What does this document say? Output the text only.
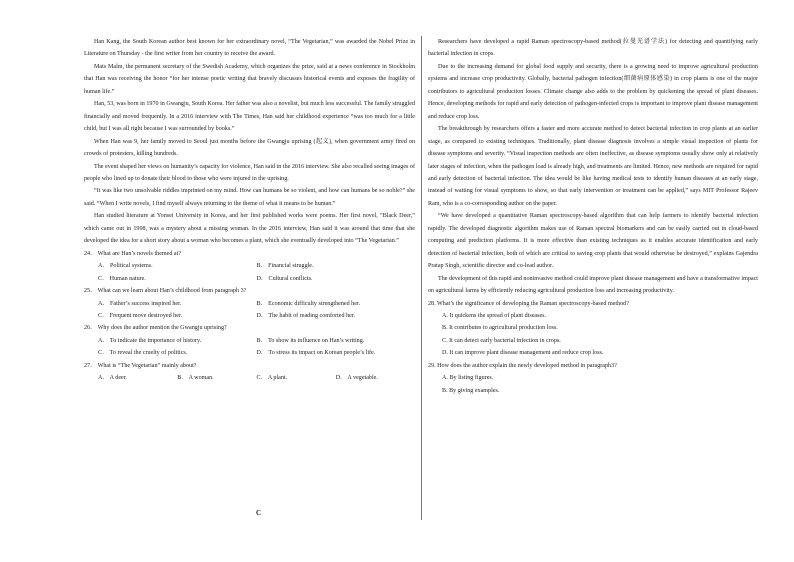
Han Kang, the South Korean author best known for her extraordinary novel, “The Vegetarian,” was awarded the Nobel Prize in Literature on Thursday - the first writer from her country to receive the award.

Mats Malm, the permanent secretary of the Swedish Academy, which organizes the prize, said at a news conference in Stockholm that Han was receiving the honor “for her intense poetic writing that bravely discusses historical events and exposes the fragility of human life.”

Han, 53, was born in 1970 in Gwangju, South Korea. Her father was also a novelist, but much less successful. The family struggled financially and moved frequently. In a 2016 interview with The Times, Han said her childhood experience “was too much for a little child, but I was all right because I was surrounded by books.”

When Han was 9, her family moved to Seoul just months before the Gwangju uprising (起义), when government army fired on crowds of protesters, killing hundreds.

The event shaped her views on humanity’s capacity for violence, Han said in the 2016 interview. She also recalled seeing images of people who lined up to donate their blood to those who were injured in the uprising.

“It was like two unsolvable riddles imprinted on my mind. How can humans be so violent, and how can humans be so noble?” she said. “When I write novels, I find myself always returning to the theme of what it means to be human.”

Han studied literature at Yonsei University in Korea, and her first published works were poems. Her first novel, “Black Deer,” which came out in 1998, was a mystery about a missing woman. In the 2016 interview, Han said it was around that time that she developed the idea for a short story about a woman who becomes a plant, which she eventually developed into “The Vegetarian.”

24． What are Han’s novels themed at?

A． Political systems.	B． Financial struggle.
C． Human nature.	D． Cultural conflicts.

25． What can we learn about Han’s childhood from paragraph 3?

A． Father’s success inspired her.	B． Economic difficulty strengthened her.
C． Frequent move destroyed her.	D． The habit of reading comforted her.

26． Why does the author mention the Gwangju uprising?

A． To indicate the importance of history.	B． To show its influence on Han’s writing.
C． To reveal the cruelty of politics.	D． To stress its impact on Korean people’s life.

27． What is “The Vegetarian” mainly about?

A． A deer.	B． A woman.	C． A plant.	D． A vegetable.
C

Researchers have developed a rapid Raman spectroscopy-based method(拉曼光谱学法) for detecting and quantifying early bacterial infection in crops.

Due to the increasing demand for global food supply and security, there is a growing need to improve agricultural production systems and increase crop productivity. Globally, bacterial pathogen infection(细菌病原体感染) in crop plants is one of the major contributors to agricultural production losses. Climate change also adds to the problem by quickening the spread of plant diseases. Hence, developing methods for rapid and early detection of pathogen-infected crops is important to improve plant disease management and reduce crop loss.

The breakthrough by researchers offers a faster and more accurate method to detect bacterial infection in crop plants at an earlier stage, as compared to existing techniques. Traditionally, plant disease diagnosis involves a simple visual inspection of plants for disease symptoms and severity. “Visual inspection methods are often ineffective, as disease symptoms usually show only at relatively later stages of infection, when the pathogen load is already high, and treatments are limited. Hence, new methods are required for rapid and early detection of bacterial infection. The idea would be like having medical tests to identify human diseases at an early stage, instead of waiting for visual symptoms to show, so that early intervention or treatment can be applied,” says MIT Professor Rajeev Ram, who is a co-corresponding author on the paper.

“We have developed a quantitative Raman spectroscopy-based algorithm that can help farmers to identify bacterial infection rapidly. The developed diagnostic algorithm makes use of Raman spectral biomarkers and can be easily carried out in cloud-based computing and prediction platforms. It is more effective than existing techniques as it enables accurate identification and early detection of bacterial infection, both of which are critical to saving crop plants that would otherwise be destroyed,” explains Gajendra Pratap Singh, scientific director and co-lead author.

The development of this rapid and noninvasive method could improve plant disease management and have a transformative impact on agricultural farms by efficiently reducing agricultural production loss and increasing productivity.

28. What’s the significance of developing the Raman spectroscopy-based method?

A. It quickens the spread of plant diseases.

B. It contributes to agricultural production loss.

C. It can detect early bacterial infection in crops.

D. It can improve plant disease management and reduce crop loss.

29. How does the author explain the newly developed method in paragraph3?

A. By listing figures.

B. By giving examples.
